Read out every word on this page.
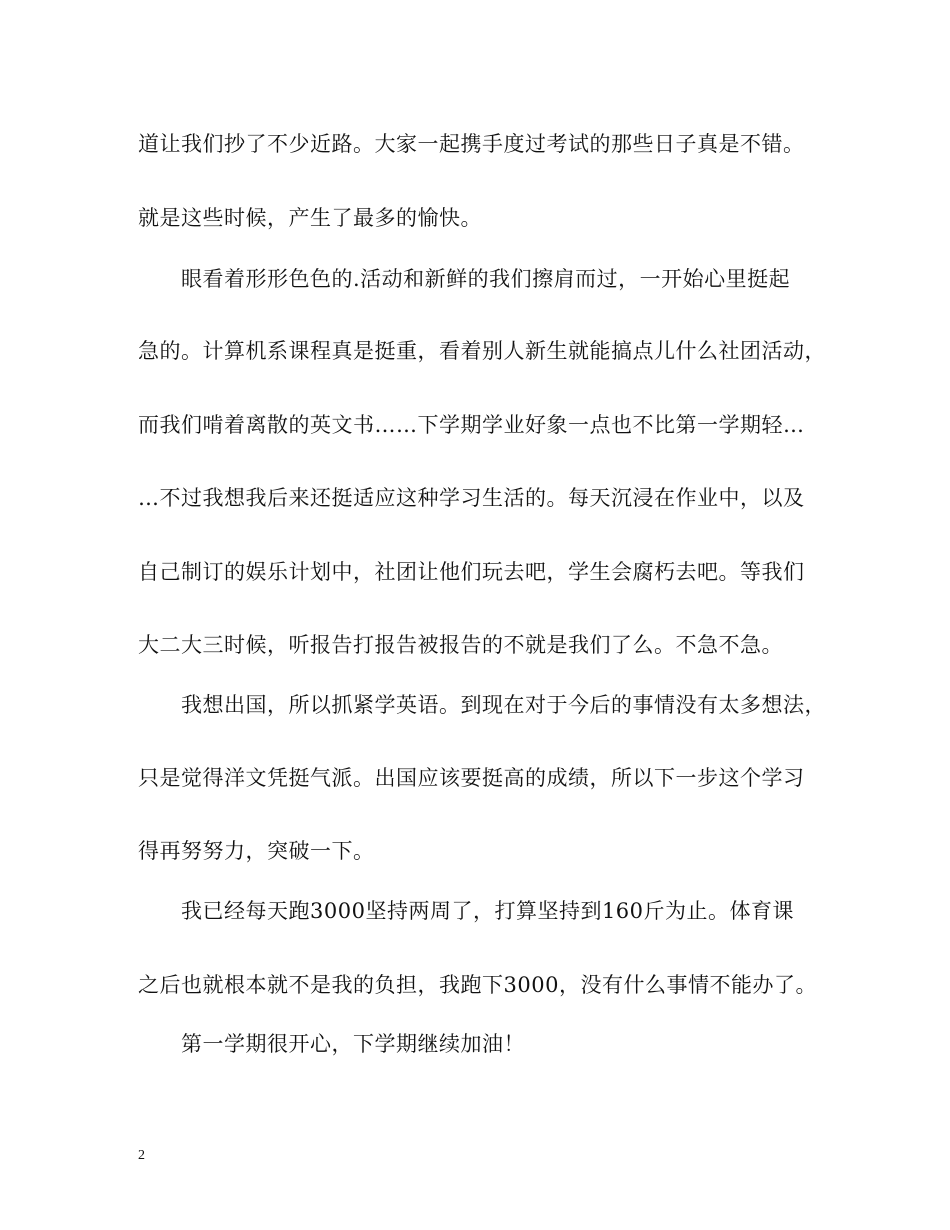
道让我们抄了不少近路。大家一起携手度过考试的那些日子真是不错。
就是这些时候，产生了最多的愉快。
眼看着形形色色的.活动和新鲜的我们擦肩而过，一开始心里挺起
急的。计算机系课程真是挺重，看着别人新生就能搞点儿什么社团活动，
而我们啃着离散的英文书……下学期学业好象一点也不比第一学期轻…
…不过我想我后来还挺适应这种学习生活的。每天沉浸在作业中，以及
自己制订的娱乐计划中，社团让他们玩去吧，学生会腐朽去吧。等我们
大二大三时候，听报告打报告被报告的不就是我们了么。不急不急。
我想出国，所以抓紧学英语。到现在对于今后的事情没有太多想法，
只是觉得洋文凭挺气派。出国应该要挺高的成绩，所以下一步这个学习
得再努努力，突破一下。
我已经每天跑3000坚持两周了，打算坚持到160斤为止。体育课
之后也就根本就不是我的负担，我跑下3000，没有什么事情不能办了。
第一学期很开心，下学期继续加油！
2
